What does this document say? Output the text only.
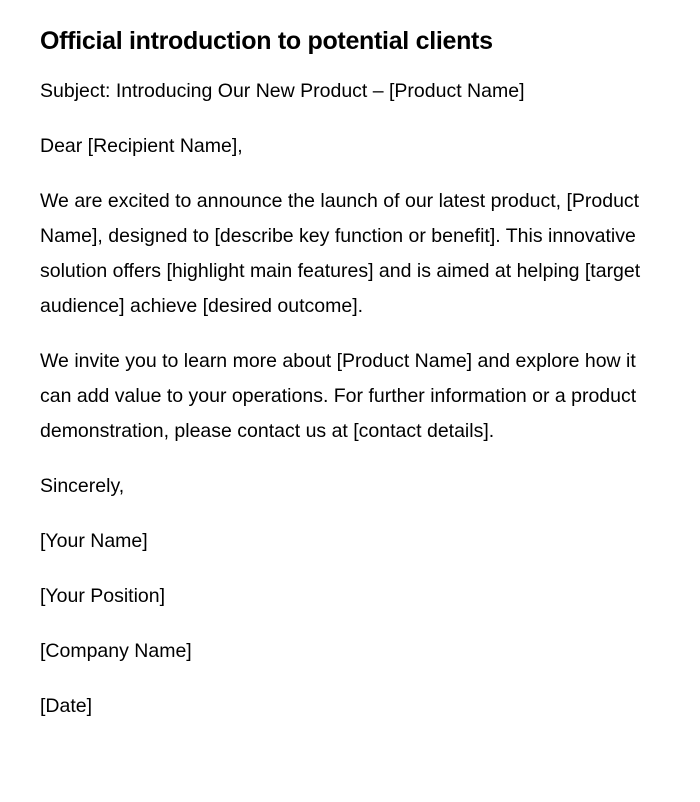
Official introduction to potential clients

Subject: Introducing Our New Product – [Product Name]

Dear [Recipient Name],

We are excited to announce the launch of our latest product, [Product Name], designed to [describe key function or benefit]. This innovative solution offers [highlight main features] and is aimed at helping [target audience] achieve [desired outcome].

We invite you to learn more about [Product Name] and explore how it can add value to your operations. For further information or a product demonstration, please contact us at [contact details].

Sincerely,

[Your Name]

[Your Position]

[Company Name]

[Date]
